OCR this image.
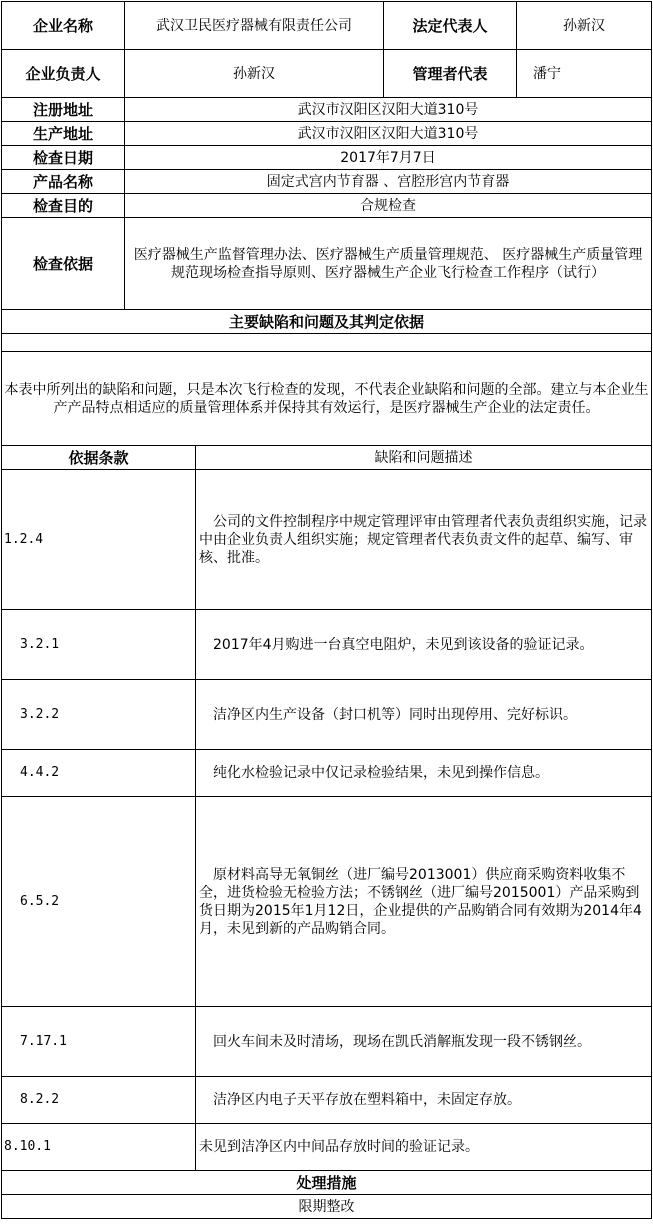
企业名称	武汉卫民医疗器械有限责任公司		法定代表人	孙新汉
企业负责人	孙新汉		管理者代表	潘宁
注册地址	武汉市汉阳区汉阳大道310号			
生产地址	武汉市汉阳区汉阳大道310号			
检查日期	2017年7月7日			
产品名称	固定式宫内节育器 、宫腔形宫内节育器			
检查目的	合规检查			
检查依据	医疗器械生产监督管理办法、医疗器械生产质量管理规范、 医疗器械生产质量管理规范现场检查指导原则、医疗器械生产企业飞行检查工作程序（试行）			
主要缺陷和问题及其判定依据				

本表中所列出的缺陷和问题，只是本次飞行检查的发现，不代表企业缺陷和问题的全部。建立与本企业生产产品特点相适应的质量管理体系并保持其有效运行，是医疗器械生产企业的法定责任。				
依据条款		缺陷和问题描述		
1.2.4		公司的文件控制程序中规定管理评审由管理者代表负责组织实施，记录中由企业负责人组织实施；规定管理者代表负责文件的起草、编写、审核、批准。		
3.2.1		2017年4月购进一台真空电阻炉，未见到该设备的验证记录。		
3.2.2		洁净区内生产设备（封口机等）同时出现停用、完好标识。		
4.4.2		纯化水检验记录中仅记录检验结果，未见到操作信息。		
6.5.2		原材料高导无氧铜丝（进厂编号2013001）供应商采购资料收集不全，进货检验无检验方法；不锈钢丝（进厂编号2015001）产品采购到货日期为2015年1月12日，企业提供的产品购销合同有效期为2014年4月，未见到新的产品购销合同。		
7.17.1		回火车间未及时清场，现场在凯氏消解瓶发现一段不锈钢丝。		
8.2.2		洁净区内电子天平存放在塑料箱中，未固定存放。		
8.10.1		未见到洁净区内中间品存放时间的验证记录。		
处理措施				
限期整改				
